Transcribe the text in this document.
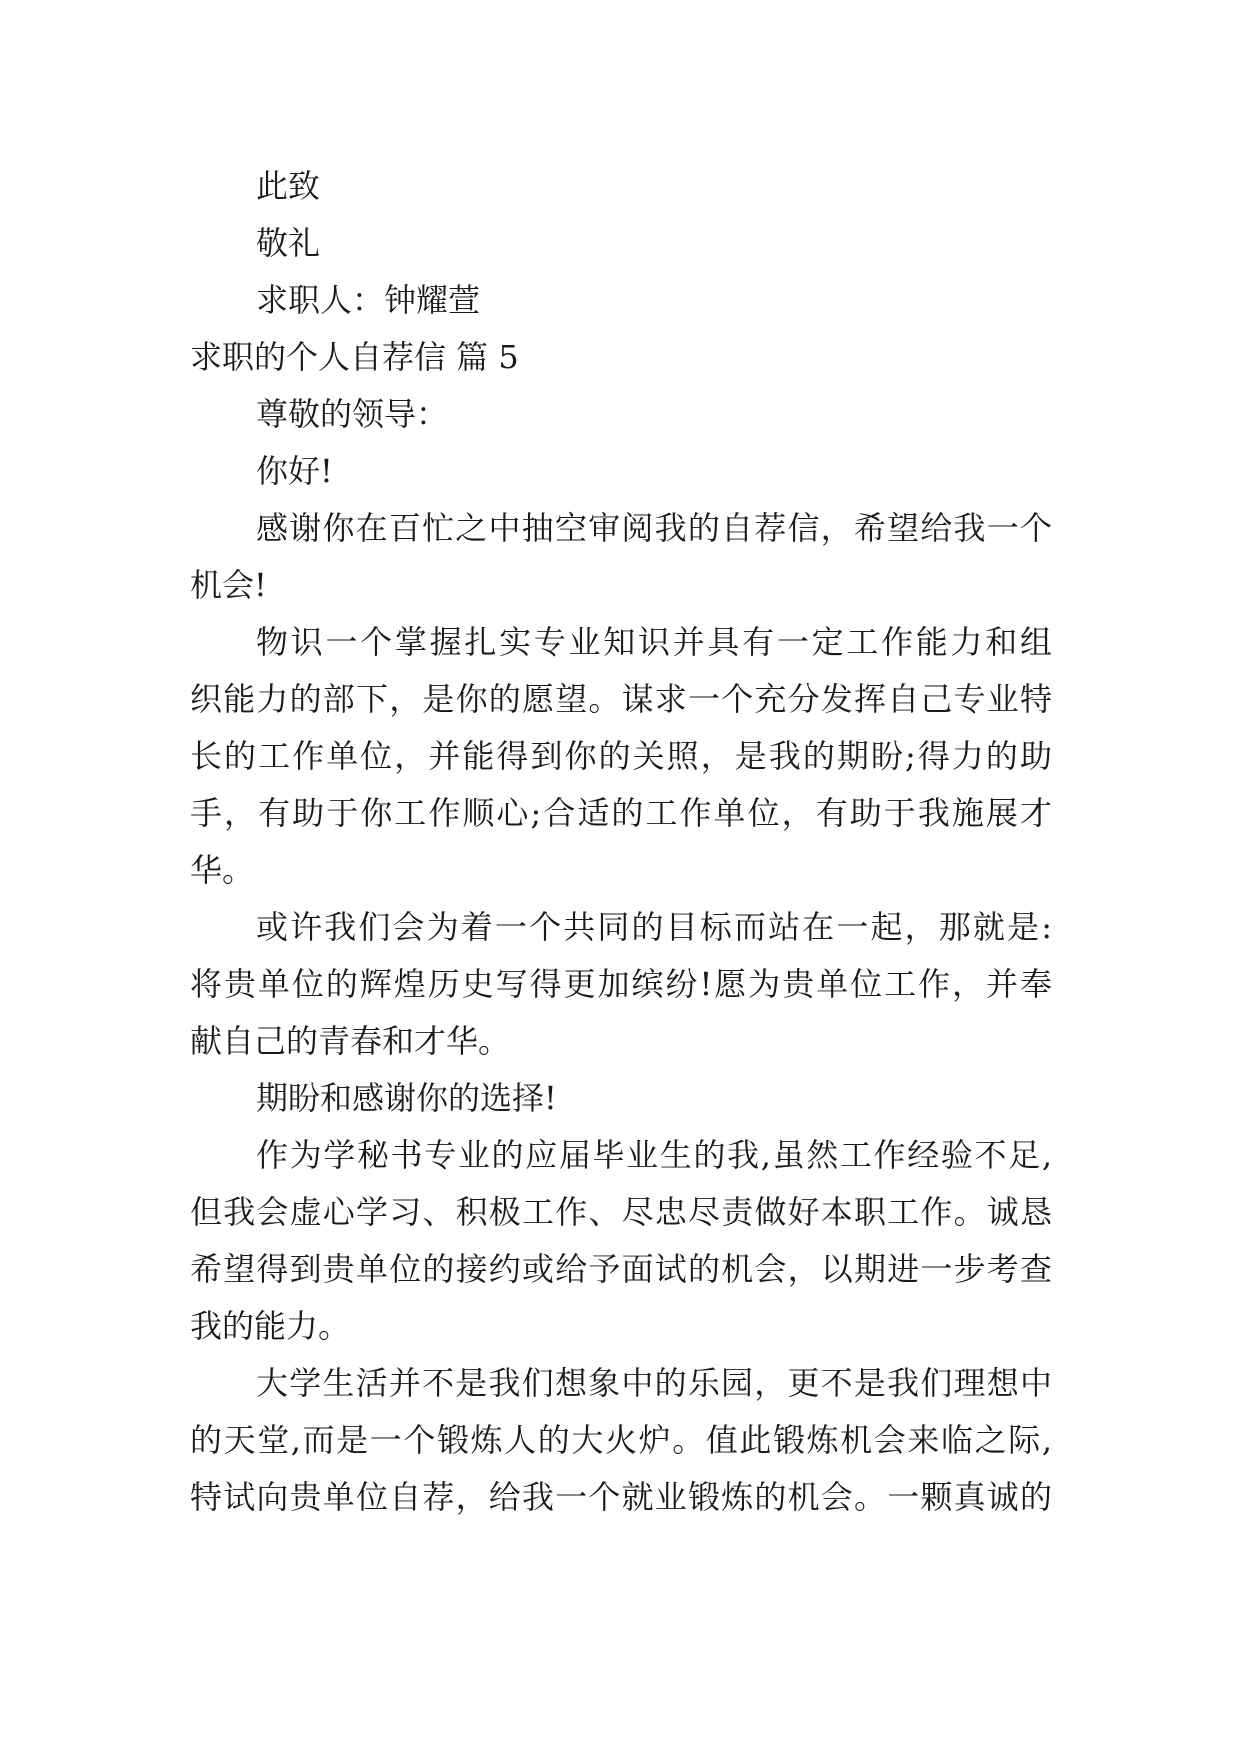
此致
敬礼
求职人：钟耀萱
求职的个人自荐信 篇 5
尊敬的领导：
你好!
感谢你在百忙之中抽空审阅我的自荐信，希望给我一个
机会!
物识一个掌握扎实专业知识并具有一定工作能力和组
织能力的部下，是你的愿望。谋求一个充分发挥自己专业特
长的工作单位，并能得到你的关照，是我的期盼;得力的助
手，有助于你工作顺心;合适的工作单位，有助于我施展才
华。
或许我们会为着一个共同的目标而站在一起，那就是:
将贵单位的辉煌历史写得更加缤纷!愿为贵单位工作，并奉
献自己的青春和才华。
期盼和感谢你的选择!
作为学秘书专业的应届毕业生的我,虽然工作经验不足,
但我会虚心学习、积极工作、尽忠尽责做好本职工作。诚恳
希望得到贵单位的接约或给予面试的机会，以期进一步考查
我的能力。
大学生活并不是我们想象中的乐园，更不是我们理想中
的天堂,而是一个锻炼人的大火炉。值此锻炼机会来临之际,
特试向贵单位自荐，给我一个就业锻炼的机会。一颗真诚的
